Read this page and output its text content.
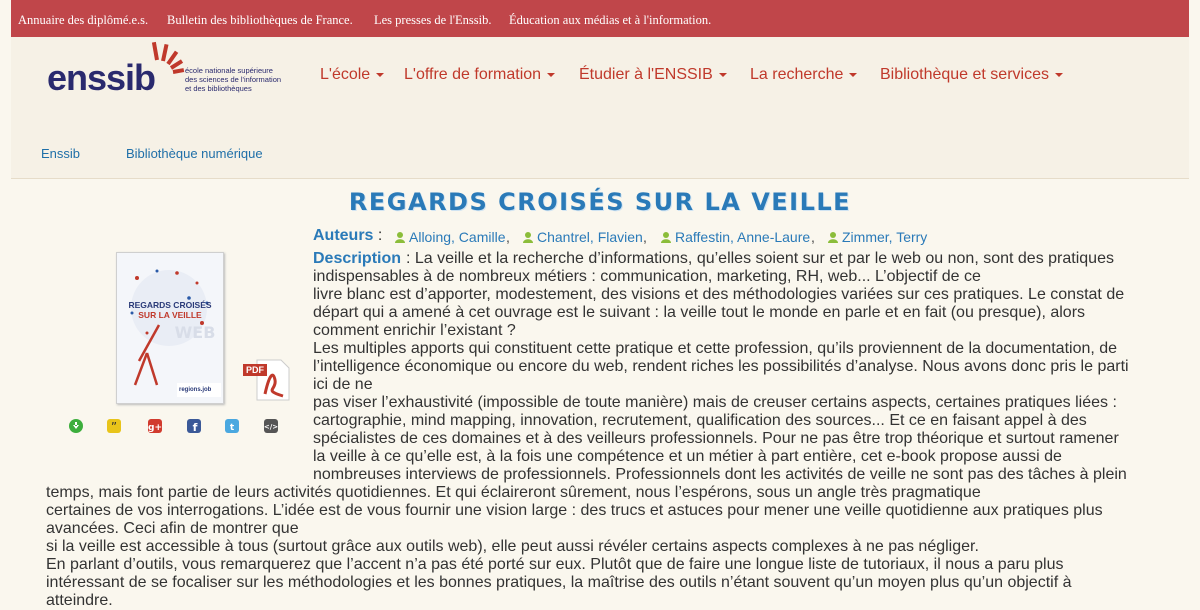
Annuaire des diplômé.e.s. Bulletin des bibliothèques de France. Les presses de l'Enssib. Éducation aux médias et à l'information.
enssib	école nationale supérieure
des sciences de l'information
et des bibliothèques
L'école	L'offre de formation	Étudier à l'ENSSIB	La recherche	Bibliothèque et services
Enssib	Bibliothèque numérique
REGARDS CROISÉS SUR LA VEILLE
WEB
REGARDS CROISÉS
SUR LA VEILLE
regions.job
PDF
”	g+	f	t	</>
Auteurs :	Alloing, Camille ,	Chantrel, Flavien ,	Raffestin, Anne-Laure ,	Zimmer, Terry
Description : La veille et la recherche d’informations, qu’elles soient sur et par le web ou non, sont des pratiques
indispensables à de nombreux métiers : communication, marketing, RH, web... L’objectif de ce
livre blanc est d’apporter, modestement, des visions et des méthodologies variées sur ces pratiques. Le constat de
départ qui a amené à cet ouvrage est le suivant : la veille tout le monde en parle et en fait (ou presque), alors
comment enrichir l’existant ?
Les multiples apports qui constituent cette pratique et cette profession, qu’ils proviennent de la documentation, de
l’intelligence économique ou encore du web, rendent riches les possibilités d’analyse. Nous avons donc pris le parti
ici de ne
pas viser l’exhaustivité (impossible de toute manière) mais de creuser certains aspects, certaines pratiques liées :
cartographie, mind mapping, innovation, recrutement, qualification des sources... Et ce en faisant appel à des
spécialistes de ces domaines et à des veilleurs professionnels. Pour ne pas être trop théorique et surtout ramener
la veille à ce qu’elle est, à la fois une compétence et un métier à part entière, cet e-book propose aussi de
nombreuses interviews de professionnels. Professionnels dont les activités de veille ne sont pas des tâches à plein
temps, mais font partie de leurs activités quotidiennes. Et qui éclaireront sûrement, nous l’espérons, sous un angle très pragmatique
certaines de vos interrogations. L’idée est de vous fournir une vision large : des trucs et astuces pour mener une veille quotidienne aux pratiques plus
avancées. Ceci afin de montrer que
si la veille est accessible à tous (surtout grâce aux outils web), elle peut aussi révéler certains aspects complexes à ne pas négliger.
En parlant d’outils, vous remarquerez que l’accent n’a pas été porté sur eux. Plutôt que de faire une longue liste de tutoriaux, il nous a paru plus
intéressant de se focaliser sur les méthodologies et les bonnes pratiques, la maîtrise des outils n’étant souvent qu’un moyen plus qu’un objectif à
atteindre.
